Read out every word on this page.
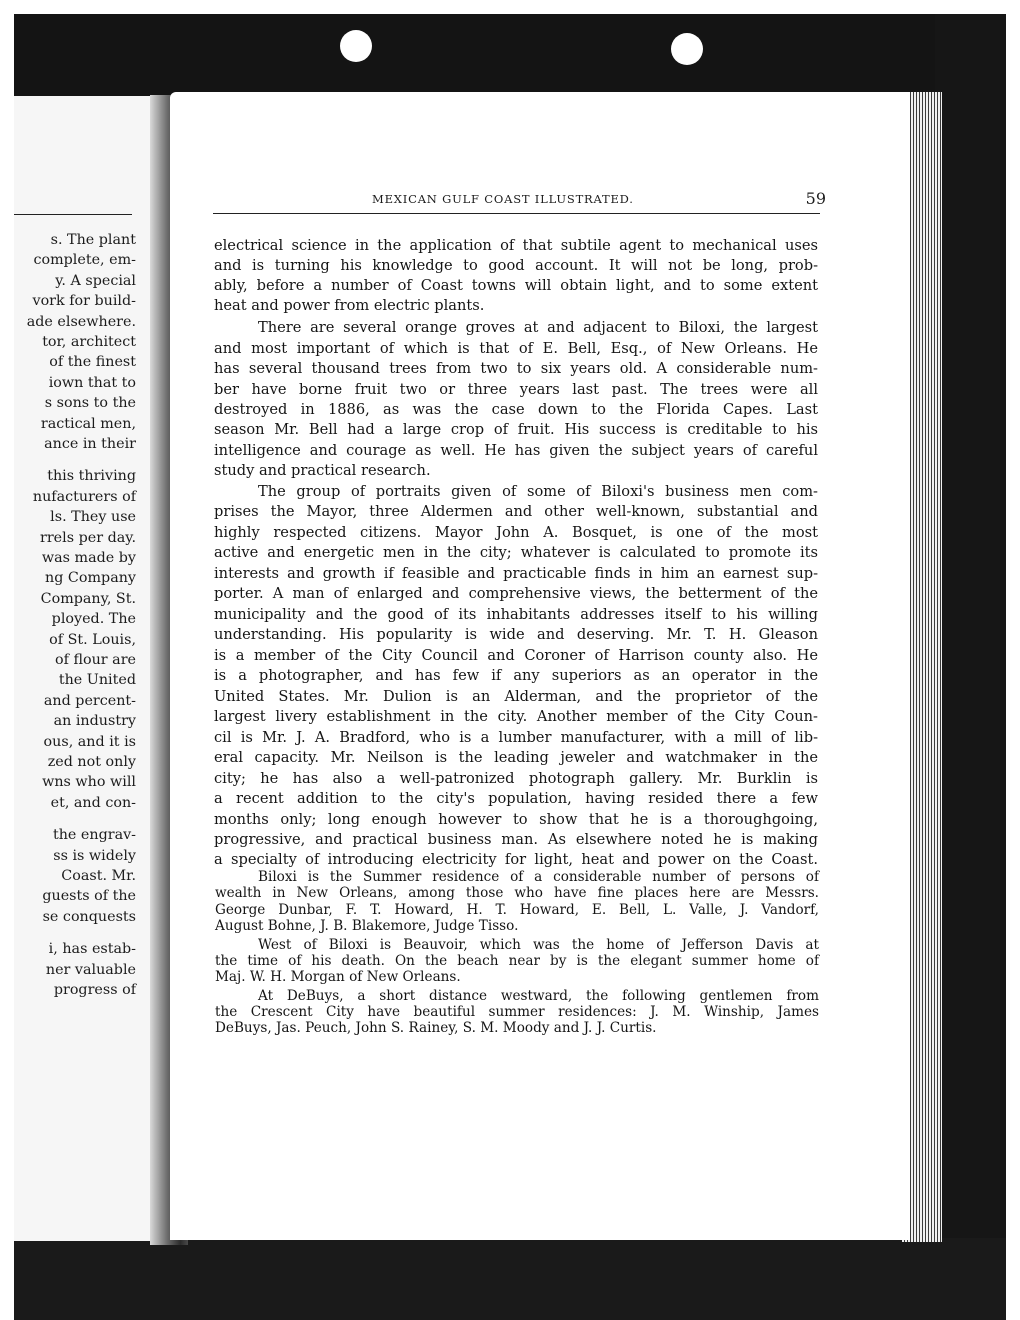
s. The plant
complete, em-
y. A special
vork for build-
ade elsewhere.
tor, architect
of the finest
iown that to
s sons to the
ractical men,
ance in their
this thriving
nufacturers of
ls. They use
rrels per day.
was made by
ng Company
Company, St.
ployed. The
of St. Louis,
of flour are
the United
and percent-
an industry
ous, and it is
zed not only
wns who will
et, and con-
the engrav-
ss is widely
Coast. Mr.
guests of the
se conquests
i, has estab-
ner valuable
progress of
MEXICAN GULF COAST ILLUSTRATED.	59
electrical science in the application of that subtile agent to mechanical uses
and is turning his knowledge to good account. It will not be long, prob-
ably, before a number of Coast towns will obtain light, and to some extent
heat and power from electric plants.
There are several orange groves at and adjacent to Biloxi, the largest
and most important of which is that of E. Bell, Esq., of New Orleans. He
has several thousand trees from two to six years old. A considerable num-
ber have borne fruit two or three years last past. The trees were all
destroyed in 1886, as was the case down to the Florida Capes. Last
season Mr. Bell had a large crop of fruit. His success is creditable to his
intelligence and courage as well. He has given the subject years of careful
study and practical research.
The group of portraits given of some of Biloxi's business men com-
prises the Mayor, three Aldermen and other well-known, substantial and
highly respected citizens. Mayor John A. Bosquet, is one of the most
active and energetic men in the city; whatever is calculated to promote its
interests and growth if feasible and practicable finds in him an earnest sup-
porter. A man of enlarged and comprehensive views, the betterment of the
municipality and the good of its inhabitants addresses itself to his willing
understanding. His popularity is wide and deserving. Mr. T. H. Gleason
is a member of the City Council and Coroner of Harrison county also. He
is a photographer, and has few if any superiors as an operator in the
United States. Mr. Dulion is an Alderman, and the proprietor of the
largest livery establishment in the city. Another member of the City Coun-
cil is Mr. J. A. Bradford, who is a lumber manufacturer, with a mill of lib-
eral capacity. Mr. Neilson is the leading jeweler and watchmaker in the
city; he has also a well-patronized photograph gallery. Mr. Burklin is
a recent addition to the city's population, having resided there a few
months only; long enough however to show that he is a thoroughgoing,
progressive, and practical business man. As elsewhere noted he is making
a specialty of introducing electricity for light, heat and power on the Coast.
Biloxi is the Summer residence of a considerable number of persons of
wealth in New Orleans, among those who have fine places here are Messrs.
George Dunbar, F. T. Howard, H. T. Howard, E. Bell, L. Valle, J. Vandorf,
August Bohne, J. B. Blakemore, Judge Tisso.
West of Biloxi is Beauvoir, which was the home of Jefferson Davis at
the time of his death. On the beach near by is the elegant summer home of
Maj. W. H. Morgan of New Orleans.
At DeBuys, a short distance westward, the following gentlemen from
the Crescent City have beautiful summer residences: J. M. Winship, James
DeBuys, Jas. Peuch, John S. Rainey, S. M. Moody and J. J. Curtis.
